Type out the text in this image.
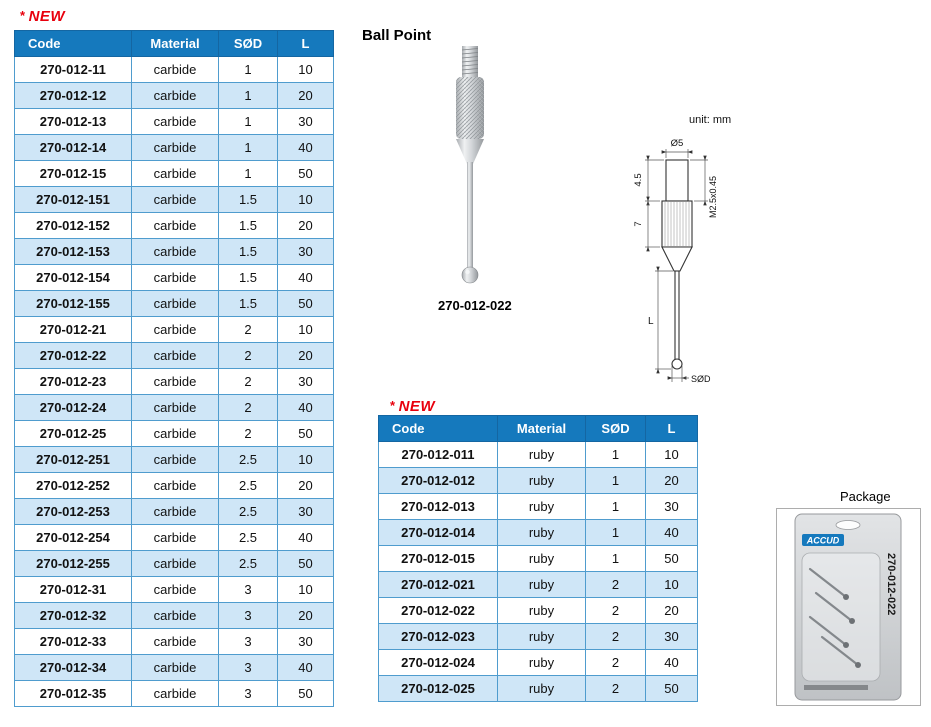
* NEW
Code	Material	SØD	L
270-012-11	carbide	1	10
270-012-12	carbide	1	20
270-012-13	carbide	1	30
270-012-14	carbide	1	40
270-012-15	carbide	1	50
270-012-151	carbide	1.5	10
270-012-152	carbide	1.5	20
270-012-153	carbide	1.5	30
270-012-154	carbide	1.5	40
270-012-155	carbide	1.5	50
270-012-21	carbide	2	10
270-012-22	carbide	2	20
270-012-23	carbide	2	30
270-012-24	carbide	2	40
270-012-25	carbide	2	50
270-012-251	carbide	2.5	10
270-012-252	carbide	2.5	20
270-012-253	carbide	2.5	30
270-012-254	carbide	2.5	40
270-012-255	carbide	2.5	50
270-012-31	carbide	3	10
270-012-32	carbide	3	20
270-012-33	carbide	3	30
270-012-34	carbide	3	40
270-012-35	carbide	3	50
Ball Point
270-012-022
unit: mm
Ø5
4.5
7
M2.5x0.45
L
SØD
* NEW
Code	Material	SØD	L
270-012-011	ruby	1	10
270-012-012	ruby	1	20
270-012-013	ruby	1	30
270-012-014	ruby	1	40
270-012-015	ruby	1	50
270-012-021	ruby	2	10
270-012-022	ruby	2	20
270-012-023	ruby	2	30
270-012-024	ruby	2	40
270-012-025	ruby	2	50
Package
ACCUD
270-012-022
